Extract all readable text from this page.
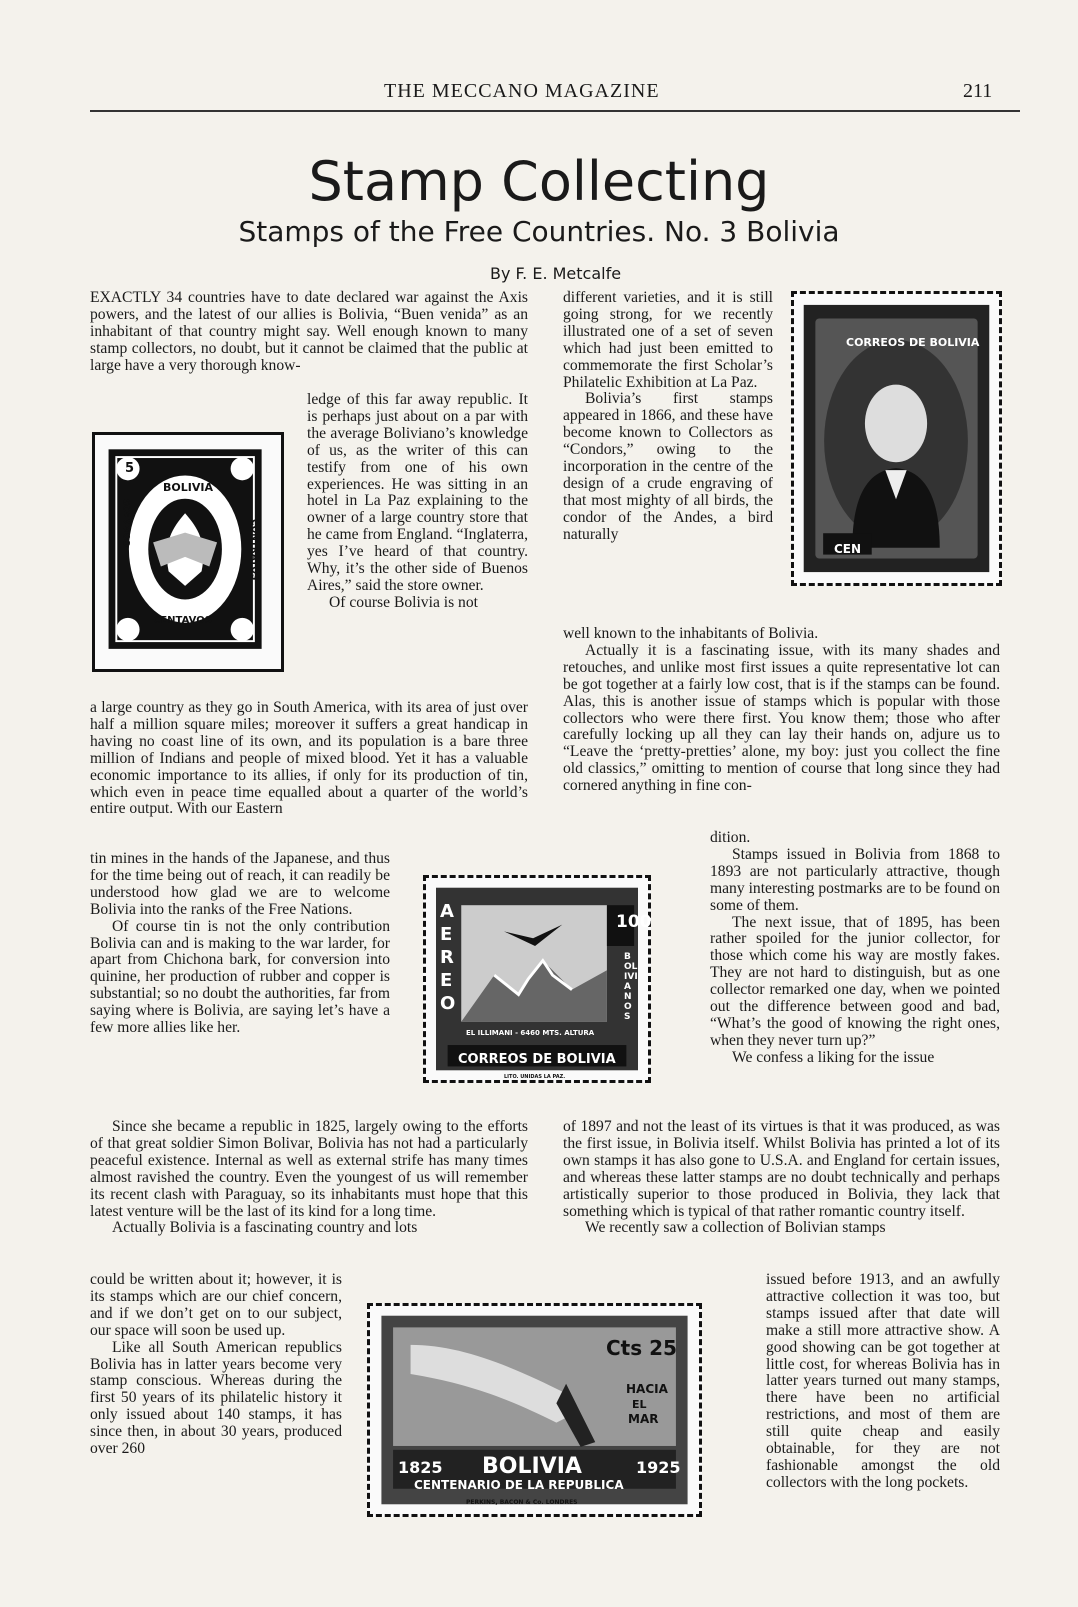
THE MECCANO MAGAZINE	211
Stamp Collecting
Stamps of the Free Countries. No. 3 Bolivia
By F. E. Metcalfe

EXACTLY 34 countries have to date declared war against the Axis powers, and the latest of our allies is Bolivia, “Buen venida” as an inhabitant of that country might say. Well enough known to many stamp collectors, no doubt, but it cannot be claimed that the public at large have a very thorough know-

ledge of this far away republic. It is perhaps just about on a par with the average Boliviano’s knowledge of us, as the writer of this can testify from one of his own experiences. He was sitting in an hotel in La Paz explaining to the owner of a large country store that he came from England. “Inglaterra, yes I’ve heard of that country. Why, it’s the other side of Buenos Aires,” said the store owner.

Of course Bolivia is not

a large country as they go in South America, with its area of just over half a million square miles; moreover it suffers a great handicap in having no coast line of its own, and its population is a bare three million of Indians and people of mixed blood. Yet it has a valuable economic importance to its allies, if only for its production of tin, which even in peace time equalled about a quarter of the world’s entire output. With our Eastern

tin mines in the hands of the Japanese, and thus for the time being out of reach, it can readily be understood how glad we are to welcome Bolivia into the ranks of the Free Nations.

Of course tin is not the only contribution Bolivia can and is making to the war larder, for apart from Chichona bark, for conversion into quinine, her production of rubber and copper is substantial; so no doubt the authorities, far from saying where is Bolivia, are saying let’s have a few more allies like her.

Since she became a republic in 1825, largely owing to the efforts of that great soldier Simon Bolivar, Bolivia has not had a particularly peaceful existence. Internal as well as external strife has many times almost ravished the country. Even the youngest of us will remember its recent clash with Paraguay, so its inhabitants must hope that this latest venture will be the last of its kind for a long time.

Actually Bolivia is a fascinating country and lots

could be written about it; however, it is its stamps which are our chief concern, and if we don’t get on to our subject, our space will soon be used up.

Like all South American republics Bolivia has in latter years become very stamp conscious. Whereas during the first 50 years of its philatelic history it only issued about 140 stamps, it has since then, in about 30 years, produced over 260

different varieties, and it is still going strong, for we recently illustrated one of a set of seven which had just been emitted to commemorate the first Scholar’s Philatelic Exhibition at La Paz.

Bolivia’s first stamps appeared in 1866, and these have become known to Collectors as “Condors,” owing to the incorporation in the centre of the design of a crude engraving of that most mighty of all birds, the condor of the Andes, a bird naturally

well known to the inhabitants of Bolivia.

Actually it is a fascinating issue, with its many shades and retouches, and unlike most first issues a quite representative lot can be got together at a fairly low cost, that is if the stamps can be found. Alas, this is another issue of stamps which is popular with those collectors who were there first. You know them; those who after carefully locking up all they can lay their hands on, adjure us to “Leave the ‘pretty-pretties’ alone, my boy: just you collect the fine old classics,” omitting to mention of course that long since they had cornered anything in fine con-

dition.

Stamps issued in Bolivia from 1868 to 1893 are not particularly attractive, though many interesting postmarks are to be found on some of them.

The next issue, that of 1895, has been rather spoiled for the junior collector, for those which come his way are mostly fakes. They are not hard to distinguish, but as one collector remarked one day, when we pointed out the difference between good and bad, “What’s the good of knowing the right ones, when they never turn up?”

We confess a liking for the issue

of 1897 and not the least of its virtues is that it was produced, as was the first issue, in Bolivia itself. Whilst Bolivia has printed a lot of its own stamps it has also gone to U.S.A. and England for certain issues, and whereas these latter stamps are no doubt technically and perhaps artistically superior to those produced in Bolivia, they lack that something which is typical of that rather romantic country itself.

We recently saw a collection of Bolivian stamps

issued before 1913, and an awfully attractive collection it was too, but stamps issued after that date will make a still more attractive show. A good showing can be got together at little cost, for whereas Bolivia has in latter years turned out many stamps, there have been no artificial restrictions, and most of them are still quite cheap and easily obtainable, for they are not fashionable amongst the old collectors with the long pockets.

BOLIVIA
CENTAVOS
CORREOS
5
CONTRATOS
CORREOS DE BOLIVIA
CEN
100
AEREO
BOLIVIANOS
EL ILLIMANI - 6460 MTS. ALTURA
CORREOS DE BOLIVIA
LITO. UNIDAS LA PAZ.
Cts 25
HACIA
EL
MAR
1825 BOLIVIA	1925
CENTENARIO DE LA REPUBLICA
PERKINS, BACON & Co. LONDRES
